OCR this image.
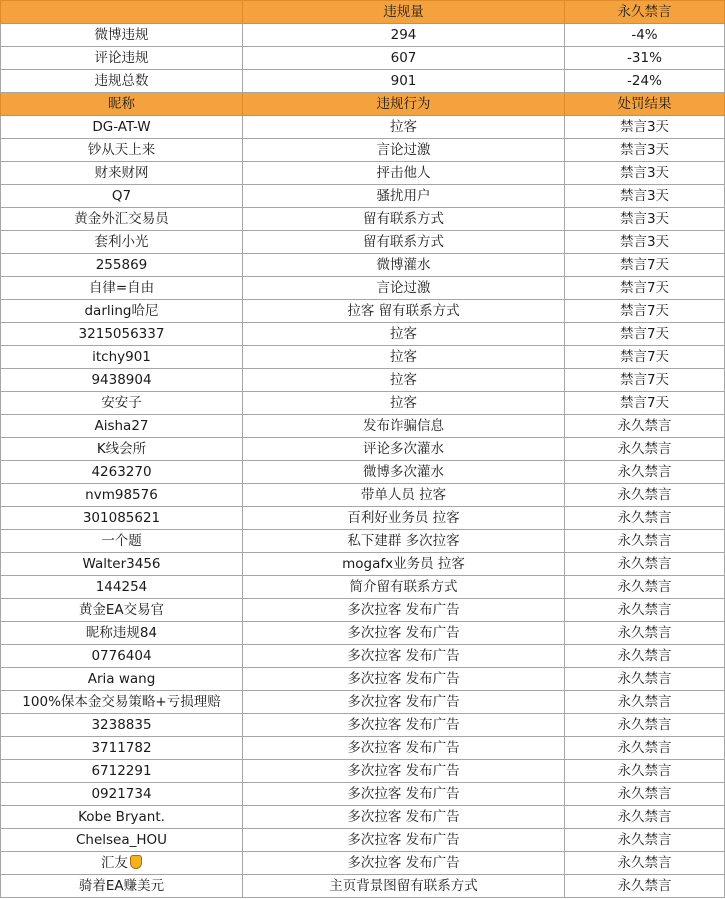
	违规量	永久禁言
微博违规	294	-4%
评论违规	607	-31%
违规总数	901	-24%
昵称	违规行为	处罚结果
DG-AT-W	拉客	禁言3天
钞从天上来	言论过激	禁言3天
财来财网	抨击他人	禁言3天
Q7	骚扰用户	禁言3天
黄金外汇交易员	留有联系方式	禁言3天
套利小光	留有联系方式	禁言3天
255869	微博灌水	禁言7天
自律=自由	言论过激	禁言7天
darling哈尼	拉客 留有联系方式	禁言7天
3215056337	拉客	禁言7天
itchy901	拉客	禁言7天
9438904	拉客	禁言7天
安安子	拉客	禁言7天
Aisha27	发布诈骗信息	永久禁言
K线会所	评论多次灌水	永久禁言
4263270	微博多次灌水	永久禁言
nvm98576	带单人员 拉客	永久禁言
301085621	百利好业务员 拉客	永久禁言
一个题	私下建群 多次拉客	永久禁言
Walter3456	mogafx业务员 拉客	永久禁言
144254	简介留有联系方式	永久禁言
黄金EA交易官	多次拉客 发布广告	永久禁言
昵称违规84	多次拉客 发布广告	永久禁言
0776404	多次拉客 发布广告	永久禁言
Aria wang	多次拉客 发布广告	永久禁言
100%保本金交易策略+亏损理赔	多次拉客 发布广告	永久禁言
3238835	多次拉客 发布广告	永久禁言
3711782	多次拉客 发布广告	永久禁言
6712291	多次拉客 发布广告	永久禁言
0921734	多次拉客 发布广告	永久禁言
Kobe Bryant.	多次拉客 发布广告	永久禁言
Chelsea_HOU	多次拉客 发布广告	永久禁言
汇友	多次拉客 发布广告	永久禁言
骑着EA赚美元	主页背景图留有联系方式	永久禁言
